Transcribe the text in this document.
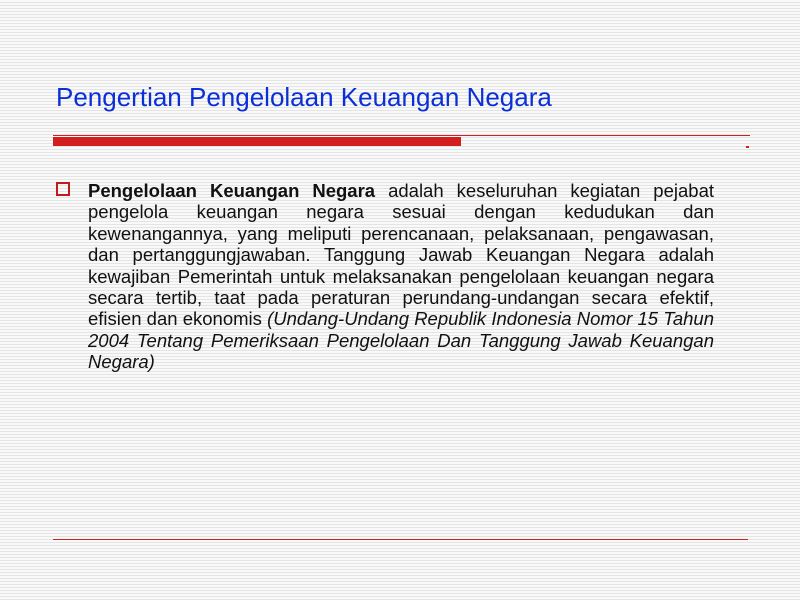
Pengertian Pengelolaan Keuangan Negara

Pengelolaan Keuangan Negara adalah keseluruhan kegiatan pejabat pengelola keuangan negara sesuai dengan kedudukan dan kewenangannya, yang meliputi perencanaan, pelaksanaan, pengawasan, dan pertanggungjawaban. Tanggung Jawab Keuangan Negara adalah kewajiban Pemerintah untuk melaksanakan pengelolaan keuangan negara secara tertib, taat pada peraturan perundang-undangan secara efektif, efisien dan ekonomis (Undang-Undang Republik Indonesia Nomor 15 Tahun 2004 Tentang Pemeriksaan Pengelolaan Dan Tanggung Jawab Keuangan Negara)
